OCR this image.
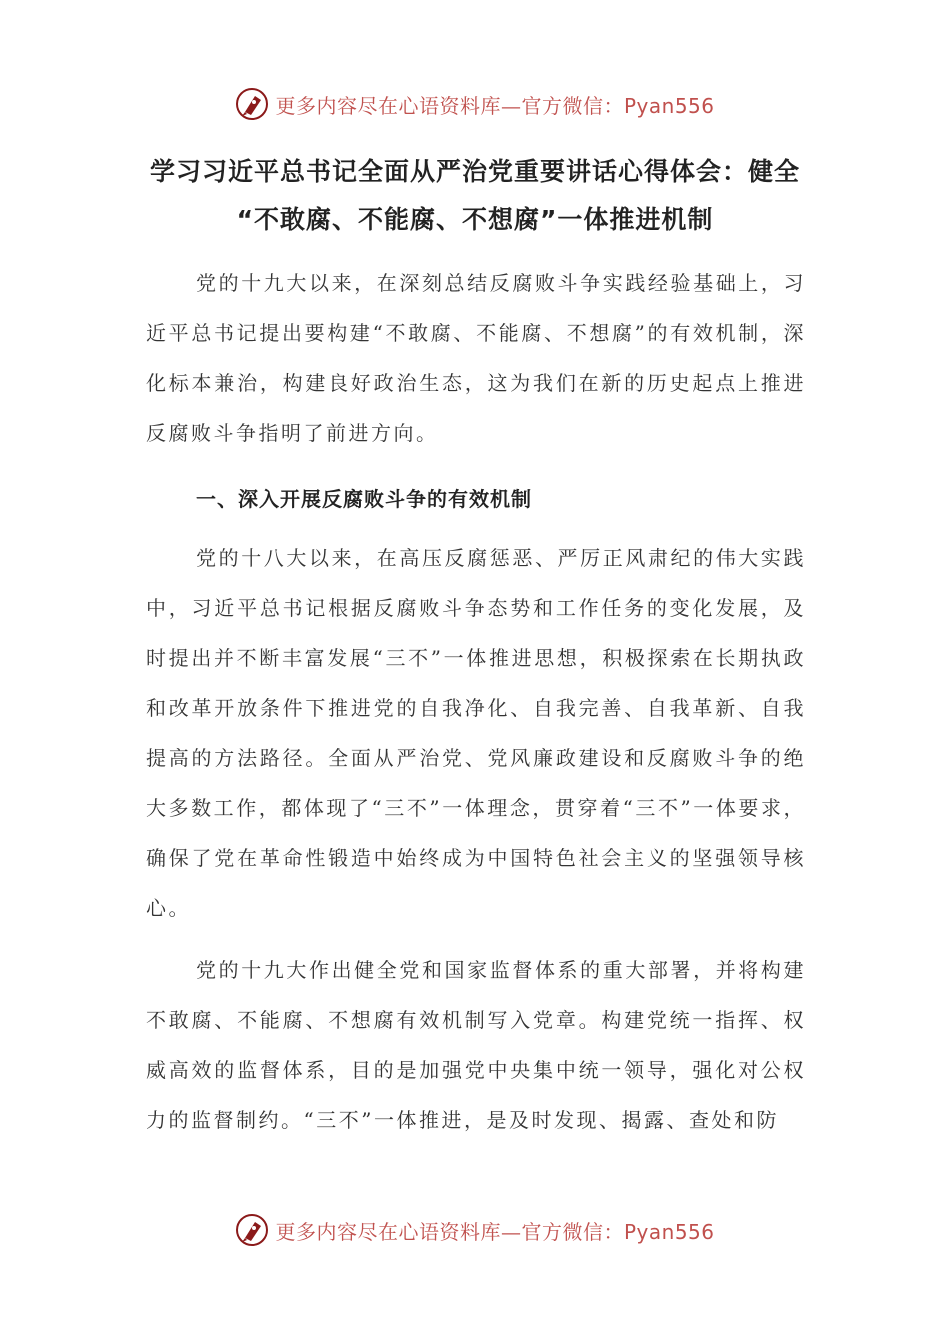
更多内容尽在心语资料库—官方微信：Pyan556
学习习近平总书记全面从严治党重要讲话心得体会：健全
“不敢腐、不能腐、不想腐”一体推进机制

党的十九大以来，在深刻总结反腐败斗争实践经验基础上，习近平总书记提出要构建“不敢腐、不能腐、不想腐”的有效机制，深化标本兼治，构建良好政治生态，这为我们在新的历史起点上推进反腐败斗争指明了前进方向。

一、深入开展反腐败斗争的有效机制

党的十八大以来，在高压反腐惩恶、严厉正风肃纪的伟大实践中，习近平总书记根据反腐败斗争态势和工作任务的变化发展，及时提出并不断丰富发展“三不”一体推进思想，积极探索在长期执政和改革开放条件下推进党的自我净化、自我完善、自我革新、自我提高的方法路径。全面从严治党、党风廉政建设和反腐败斗争的绝大多数工作，都体现了“三不”一体理念，贯穿着“三不”一体要求，确保了党在革命性锻造中始终成为中国特色社会主义的坚强领导核心。

党的十九大作出健全党和国家监督体系的重大部署，并将构建不敢腐、不能腐、不想腐有效机制写入党章。构建党统一指挥、权威高效的监督体系，目的是加强党中央集中统一领导，强化对公权力的监督制约。“三不”一体推进，是及时发现、揭露、查处和防

更多内容尽在心语资料库—官方微信：Pyan556
